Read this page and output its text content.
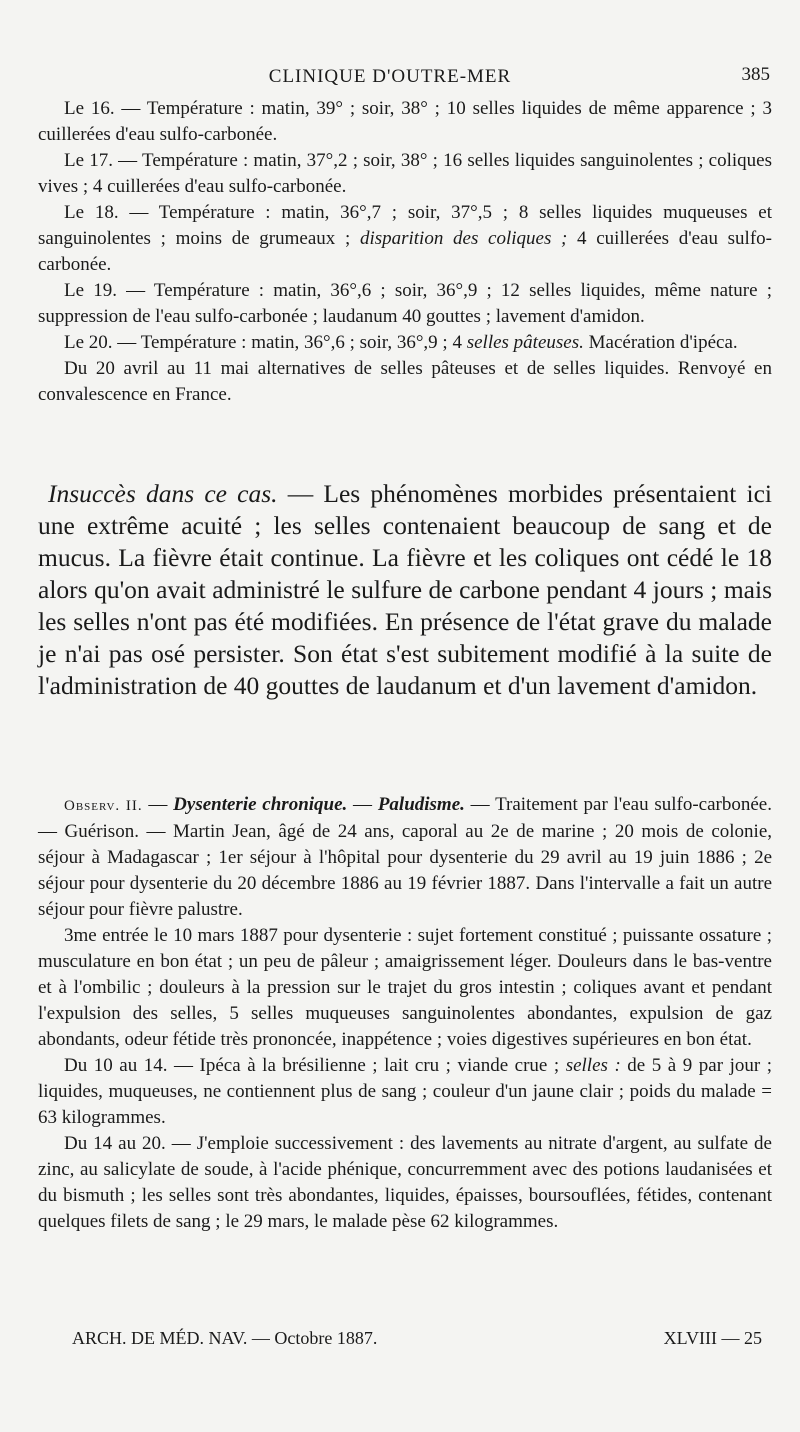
CLINIQUE D'OUTRE-MER	385

Le 16. — Température : matin, 39° ; soir, 38° ; 10 selles liquides de même apparence ; 3 cuillerées d'eau sulfo-carbonée.

Le 17. — Température : matin, 37°,2 ; soir, 38° ; 16 selles liquides sanguinolentes ; coliques vives ; 4 cuillerées d'eau sulfo-carbonée.

Le 18. — Température : matin, 36°,7 ; soir, 37°,5 ; 8 selles liquides muqueuses et sanguinolentes ; moins de grumeaux ; disparition des coliques ; 4 cuillerées d'eau sulfo-carbonée.

Le 19. — Température : matin, 36°,6 ; soir, 36°,9 ; 12 selles liquides, même nature ; suppression de l'eau sulfo-carbonée ; laudanum 40 gouttes ; lavement d'amidon.

Le 20. — Température : matin, 36°,6 ; soir, 36°,9 ; 4 selles pâteuses. Macération d'ipéca.

Du 20 avril au 11 mai alternatives de selles pâteuses et de selles liquides. Renvoyé en convalescence en France.

Insuccès dans ce cas. — Les phénomènes morbides présentaient ici une extrême acuité ; les selles contenaient beaucoup de sang et de mucus. La fièvre était continue. La fièvre et les coliques ont cédé le 18 alors qu'on avait administré le sulfure de carbone pendant 4 jours ; mais les selles n'ont pas été modifiées. En présence de l'état grave du malade je n'ai pas osé persister. Son état s'est subitement modifié à la suite de l'administration de 40 gouttes de laudanum et d'un lavement d'amidon.

Observ. II. — Dysenterie chronique. — Paludisme. — Traitement par l'eau sulfo-carbonée. — Guérison. — Martin Jean, âgé de 24 ans, caporal au 2e de marine ; 20 mois de colonie, séjour à Madagascar ; 1er séjour à l'hôpital pour dysenterie du 29 avril au 19 juin 1886 ; 2e séjour pour dysenterie du 20 décembre 1886 au 19 février 1887. Dans l'intervalle a fait un autre séjour pour fièvre palustre.

3me entrée le 10 mars 1887 pour dysenterie : sujet fortement constitué ; puissante ossature ; musculature en bon état ; un peu de pâleur ; amaigrissement léger. Douleurs dans le bas-ventre et à l'ombilic ; douleurs à la pression sur le trajet du gros intestin ; coliques avant et pendant l'expulsion des selles, 5 selles muqueuses sanguinolentes abondantes, expulsion de gaz abondants, odeur fétide très prononcée, inappétence ; voies digestives supérieures en bon état.

Du 10 au 14. — Ipéca à la brésilienne ; lait cru ; viande crue ; selles : de 5 à 9 par jour ; liquides, muqueuses, ne contiennent plus de sang ; couleur d'un jaune clair ; poids du malade = 63 kilogrammes.

Du 14 au 20. — J'emploie successivement : des lavements au nitrate d'argent, au sulfate de zinc, au salicylate de soude, à l'acide phénique, concurremment avec des potions laudanisées et du bismuth ; les selles sont très abondantes, liquides, épaisses, boursouflées, fétides, contenant quelques filets de sang ; le 29 mars, le malade pèse 62 kilogrammes.

ARCH. DE MÉD. NAV. — Octobre 1887.	XLVIII — 25
